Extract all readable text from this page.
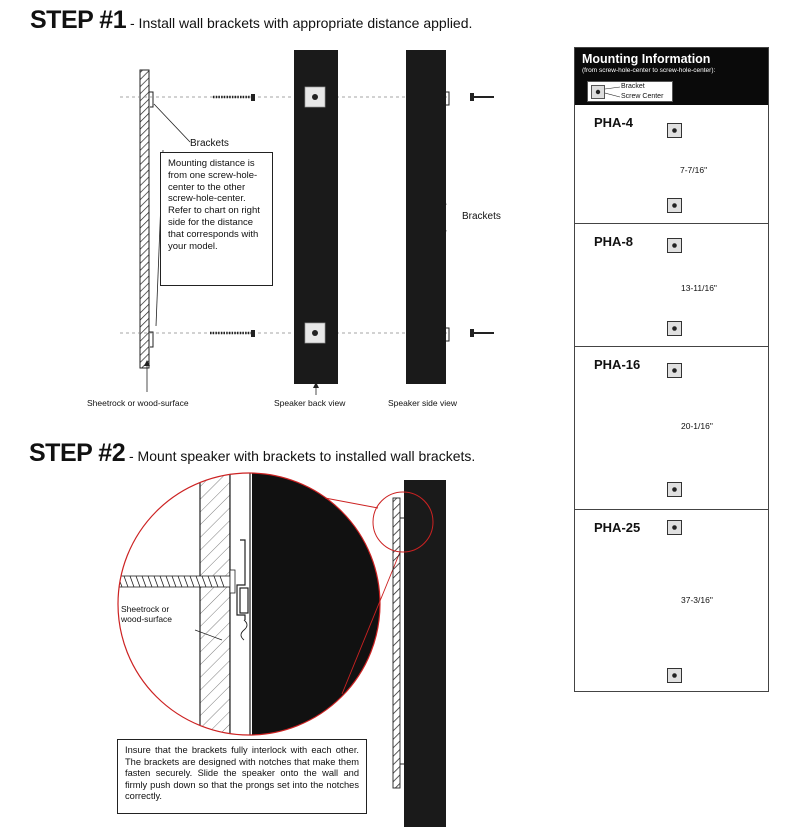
STEP #1 - Install wall brackets with appropriate distance applied.
Brackets
Brackets
Mounting distance is from one screw-hole-center to the other screw-hole-center. Refer to chart on right side for the distance that corresponds with your model.
Sheetrock or wood-surface	Speaker back view	Speaker side view
STEP #2 - Mount speaker with brackets to installed wall brackets.
Sheetrock or
wood-surface
Insure that the brackets fully interlock with each other. The brackets are designed with notches that make them fasten securely. Slide the speaker onto the wall and firmly push down so that the prongs set into the notches correctly.
Mounting Information
(from screw-hole-center to screw-hole-center):
Bracket
Screw Center
PHA-4
7-7/16"
PHA-8
13-11/16"
PHA-16
20-1/16"
PHA-25
37-3/16"
